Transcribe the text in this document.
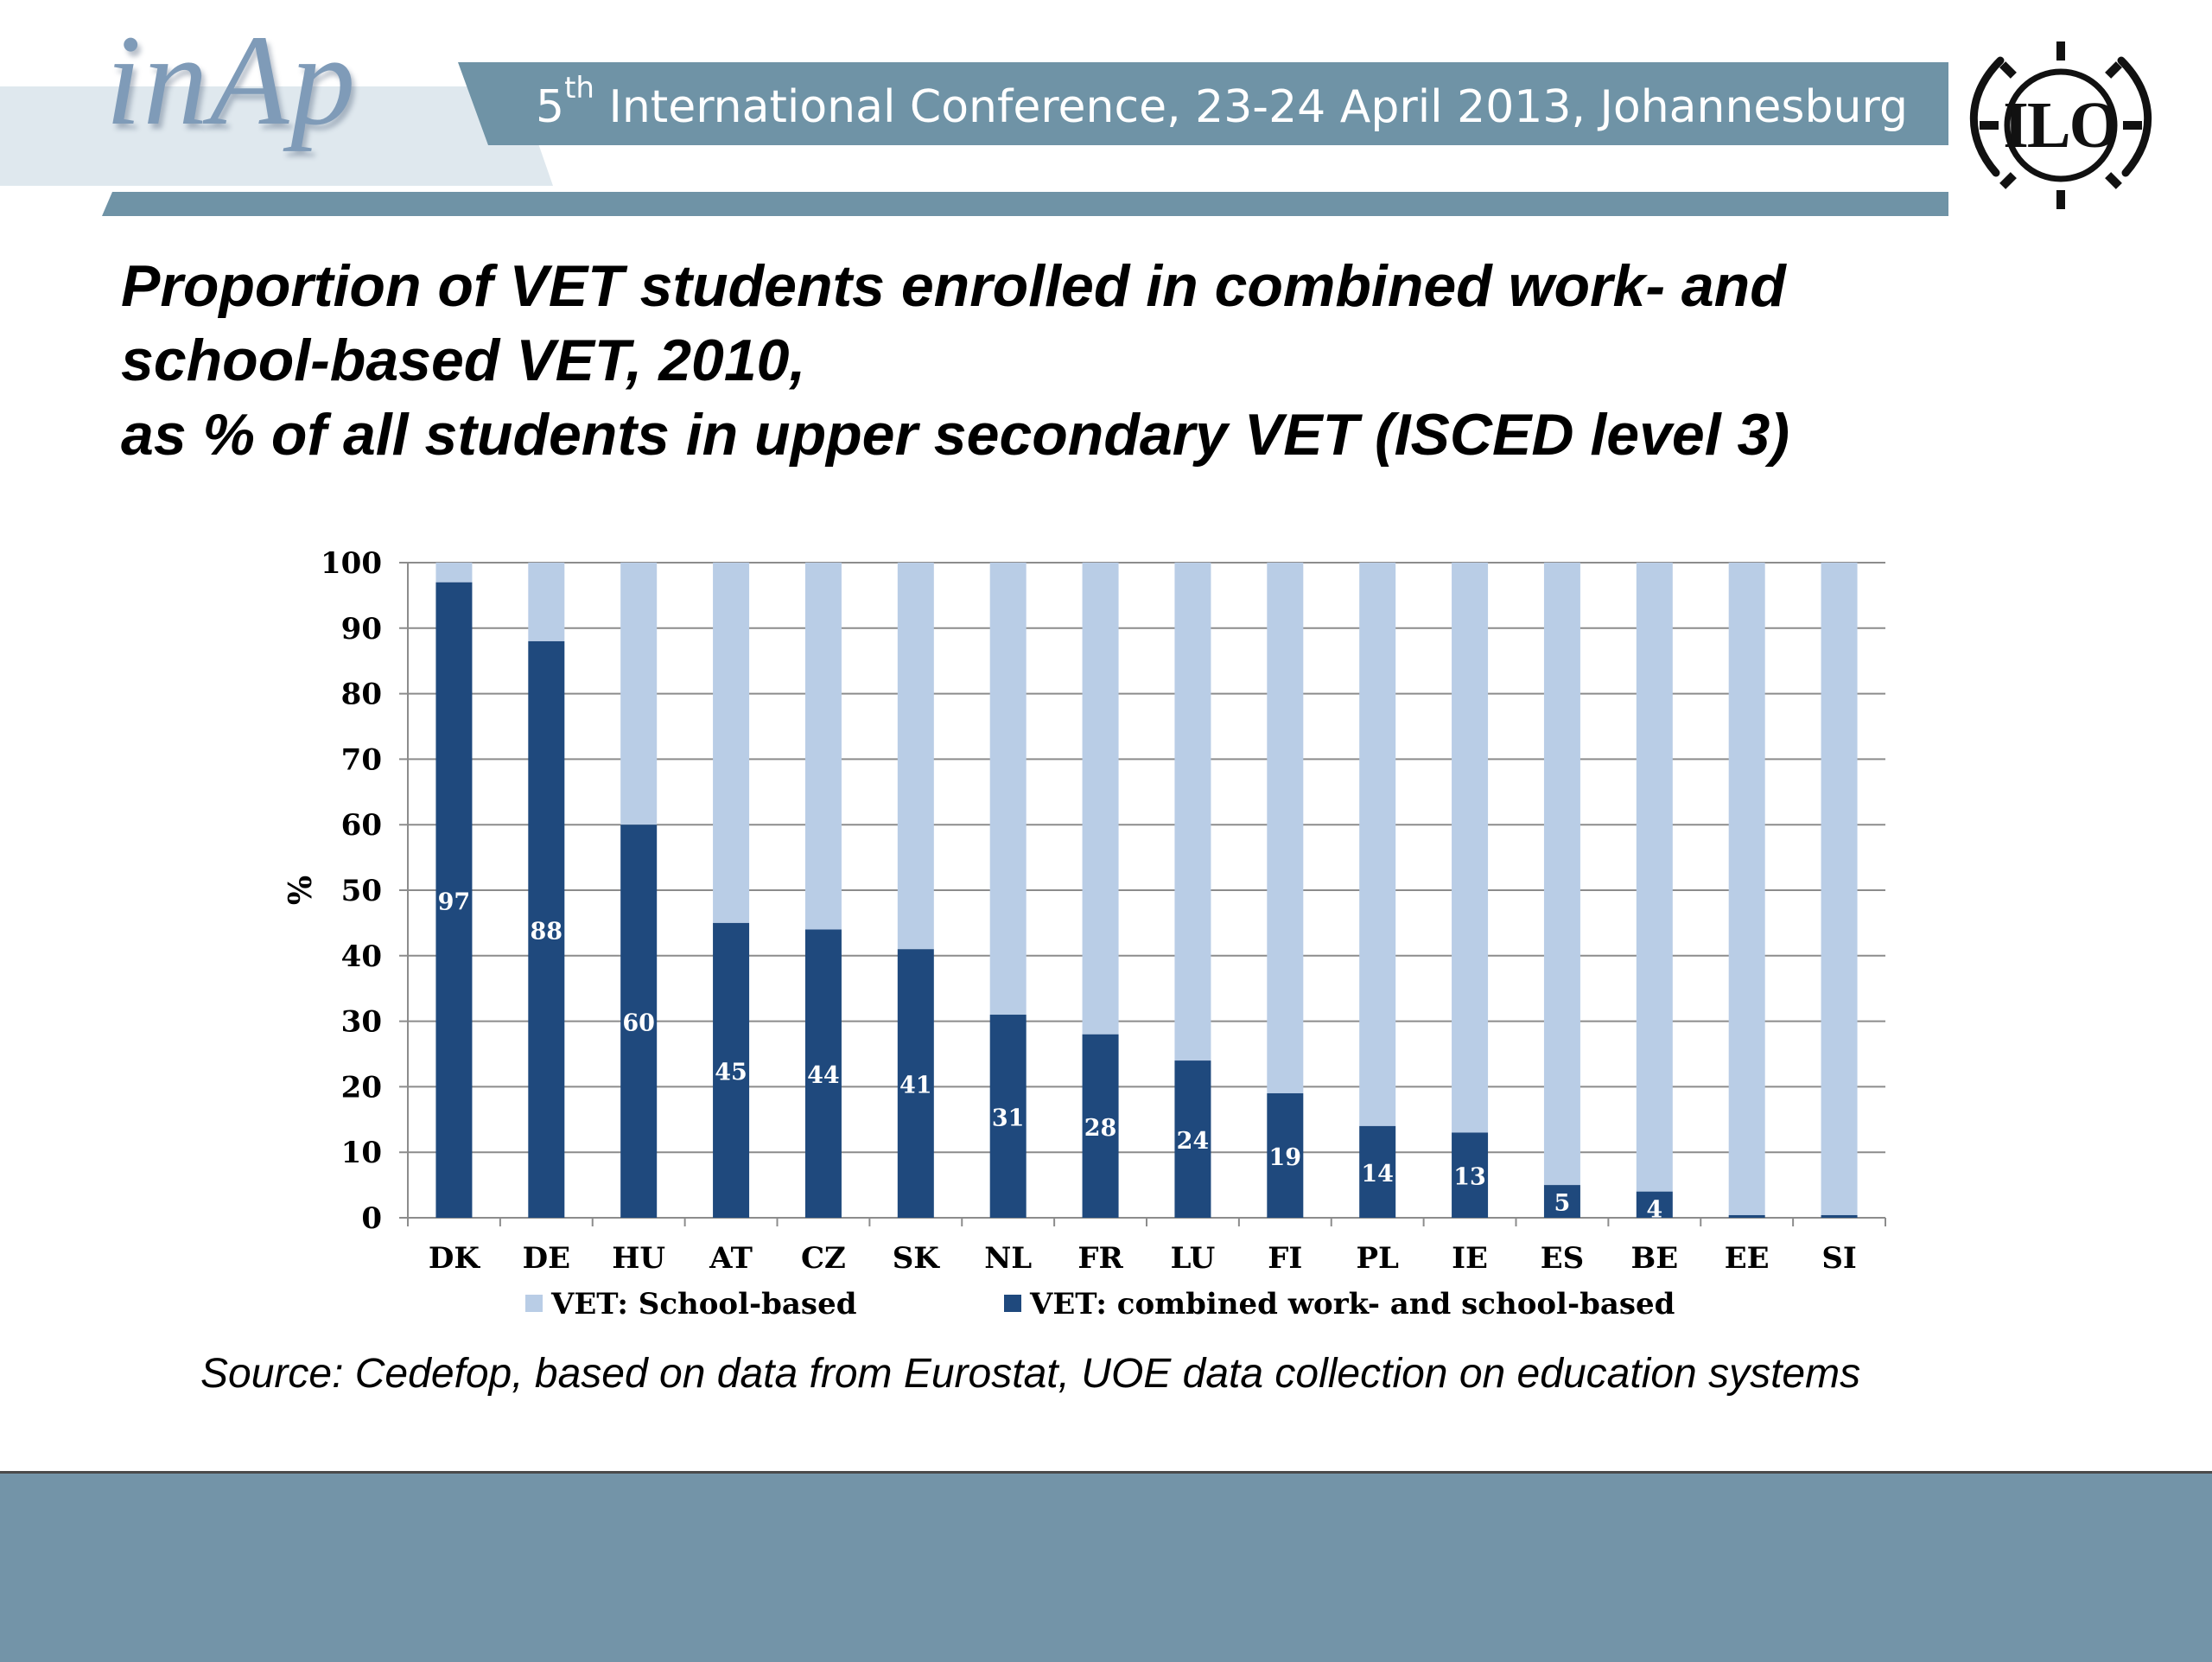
inAp	5th International Conference, 23-24 April 2013, Johannesburg	ILO
Proportion of VET students enrolled in combined work- and
school-based VET, 2010,
as % of all students in upper secondary VET (ISCED level 3)
0
10
20
30
40
50
60
70
80
90
100
%	97
DK
88
DE
60
HU
45
AT
44
CZ
41
SK
31
NL
28
FR
24
LU
19
FI
14
PL
13
IE
5
ES
4
BE EE SI
VET: School-based	VET: combined work- and school-based
Source: Cedefop, based on data from Eurostat, UOE data collection on education systems
